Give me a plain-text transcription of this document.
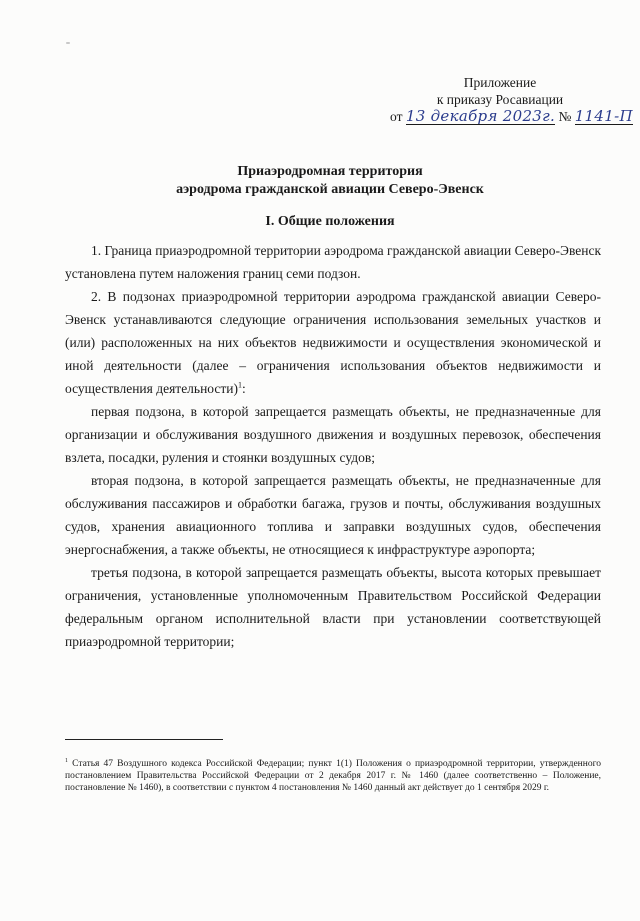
Приложение
к приказу Росавиации
от 13 декабря 2023г. № 1141-П
Приаэродромная территория
аэродрома гражданской авиации Северо-Эвенск
I. Общие положения

1. Граница приаэродромной территории аэродрома гражданской авиации Северо-Эвенск установлена путем наложения границ семи подзон.

2. В подзонах приаэродромной территории аэродрома гражданской авиации Северо-Эвенск устанавливаются следующие ограничения использования земельных участков и (или) расположенных на них объектов недвижимости и осуществления экономической и иной деятельности (далее – ограничения использования объектов недвижимости и осуществления деятельности)$^1$:

первая подзона, в которой запрещается размещать объекты, не предназначенные для организации и обслуживания воздушного движения и воздушных перевозок, обеспечения взлета, посадки, руления и стоянки воздушных судов;

вторая подзона, в которой запрещается размещать объекты, не предназначенные для обслуживания пассажиров и обработки багажа, грузов и почты, обслуживания воздушных судов, хранения авиационного топлива и заправки воздушных судов, обеспечения энергоснабжения, а также объекты, не относящиеся к инфраструктуре аэропорта;

третья подзона, в которой запрещается размещать объекты, высота которых превышает ограничения, установленные уполномоченным Правительством Российской Федерации федеральным органом исполнительной власти при установлении соответствующей приаэродромной территории;

$^1$ Статья 47 Воздушного кодекса Российской Федерации; пункт 1(1) Положения о приаэродромной территории, утвержденного постановлением Правительства Российской Федерации от 2 декабря 2017 г. № 1460 (далее соответственно – Положение, постановление № 1460), в соответствии с пунктом 4 постановления № 1460 данный акт действует до 1 сентября 2029 г.
